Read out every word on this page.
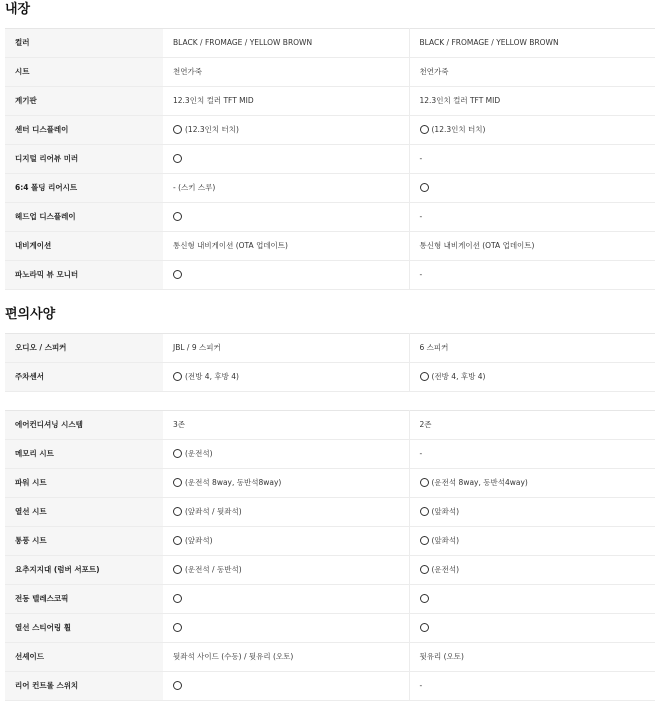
내장
컬러	BLACK / FROMAGE / YELLOW BROWN	BLACK / FROMAGE / YELLOW BROWN
시트	천연가죽	천연가죽
계기판	12.3인치 컬러 TFT MID	12.3인치 컬러 TFT MID
센터 디스플레이	(12.3인치 터치)	(12.3인치 터치)
디지털 리어뷰 미러		-
6:4 폴딩 리어시트	- (스키 스루)	
헤드업 디스플레이		-
내비게이션	통신형 내비게이션 (OTA 업데이트)	통신형 내비게이션 (OTA 업데이트)
파노라믹 뷰 모니터		-
편의사양
오디오 / 스피커	JBL / 9 스피커	6 스피커
주차센서	(전방 4, 후방 4)	(전방 4, 후방 4)
에어컨디셔닝 시스템	3존	2존
메모리 시트	(운전석)	-
파워 시트	(운전석 8way, 동반석8way)	(운전석 8way, 동반석4way)
열선 시트	(앞좌석 / 뒷좌석)	(앞좌석)
통풍 시트	(앞좌석)	(앞좌석)
요추지지대 (럼버 서포트)	(운전석 / 동반석)	(운전석)
전동 텔레스코픽		
열선 스티어링 휠		
선셰이드	뒷좌석 사이드 (수동) / 뒷유리 (오토)	뒷유리 (오토)
리어 컨트롤 스위치		-
